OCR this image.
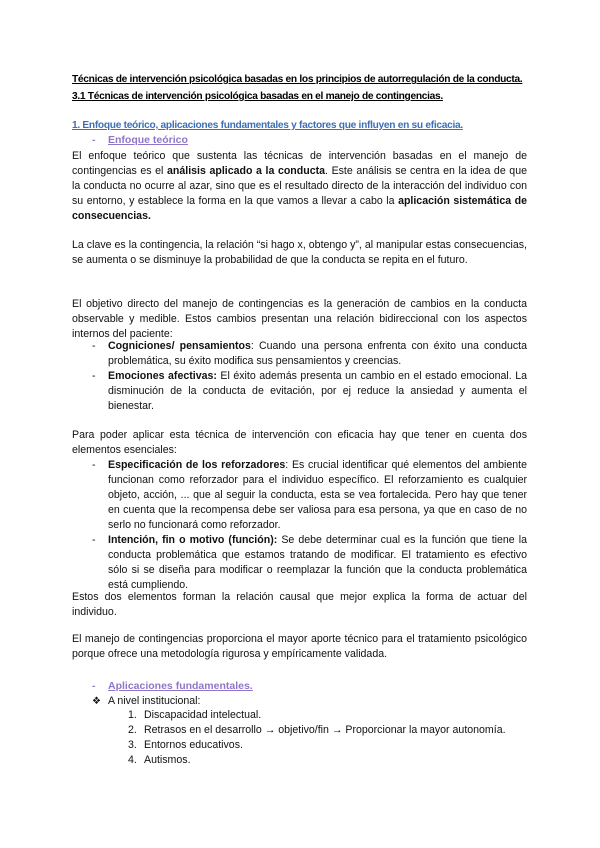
Técnicas de intervención psicológica basadas en los principios de autorregulación de la conducta.
3.1 Técnicas de intervención psicológica basadas en el manejo de contingencias.
1. Enfoque teórico, aplicaciones fundamentales y factores que influyen en su eficacia.
- Enfoque teórico

El enfoque teórico que sustenta las técnicas de intervención basadas en el manejo de contingencias es el análisis aplicado a la conducta. Este análisis se centra en la idea de que la conducta no ocurre al azar, sino que es el resultado directo de la interacción del individuo con su entorno, y establece la forma en la que vamos a llevar a cabo la aplicación sistemática de consecuencias.

La clave es la contingencia, la relación “si hago x, obtengo y”, al manipular estas consecuencias, se aumenta o se disminuye la probabilidad de que la conducta se repita en el futuro.

El objetivo directo del manejo de contingencias es la generación de cambios en la conducta observable y medible. Estos cambios presentan una relación bidireccional con los aspectos internos del paciente:

- Cogniciones/ pensamientos: Cuando una persona enfrenta con éxito una conducta problemática, su éxito modifica sus pensamientos y creencias.
- Emociones afectivas: El éxito además presenta un cambio en el estado emocional. La disminución de la conducta de evitación, por ej reduce la ansiedad y aumenta el bienestar.

Para poder aplicar esta técnica de intervención con eficacia hay que tener en cuenta dos elementos esenciales:

- Especificación de los reforzadores: Es crucial identificar qué elementos del ambiente funcionan como reforzador para el individuo específico. El reforzamiento es cualquier objeto, acción, ... que al seguir la conducta, esta se vea fortalecida. Pero hay que tener en cuenta que la recompensa debe ser valiosa para esa persona, ya que en caso de no serlo no funcionará como reforzador.
- Intención, fin o motivo (función): Se debe determinar cual es la función que tiene la conducta problemática que estamos tratando de modificar. El tratamiento es efectivo sólo si se diseña para modificar o reemplazar la función que la conducta problemática está cumpliendo.

Estos dos elementos forman la relación causal que mejor explica la forma de actuar del individuo.

El manejo de contingencias proporciona el mayor aporte técnico para el tratamiento psicológico porque ofrece una metodología rigurosa y empíricamente validada.

- Aplicaciones fundamentales.
❖ A nivel institucional:
1. Discapacidad intelectual.
2. Retrasos en el desarrollo → objetivo/fin → Proporcionar la mayor autonomía.
3. Entornos educativos.
4. Autismos.
